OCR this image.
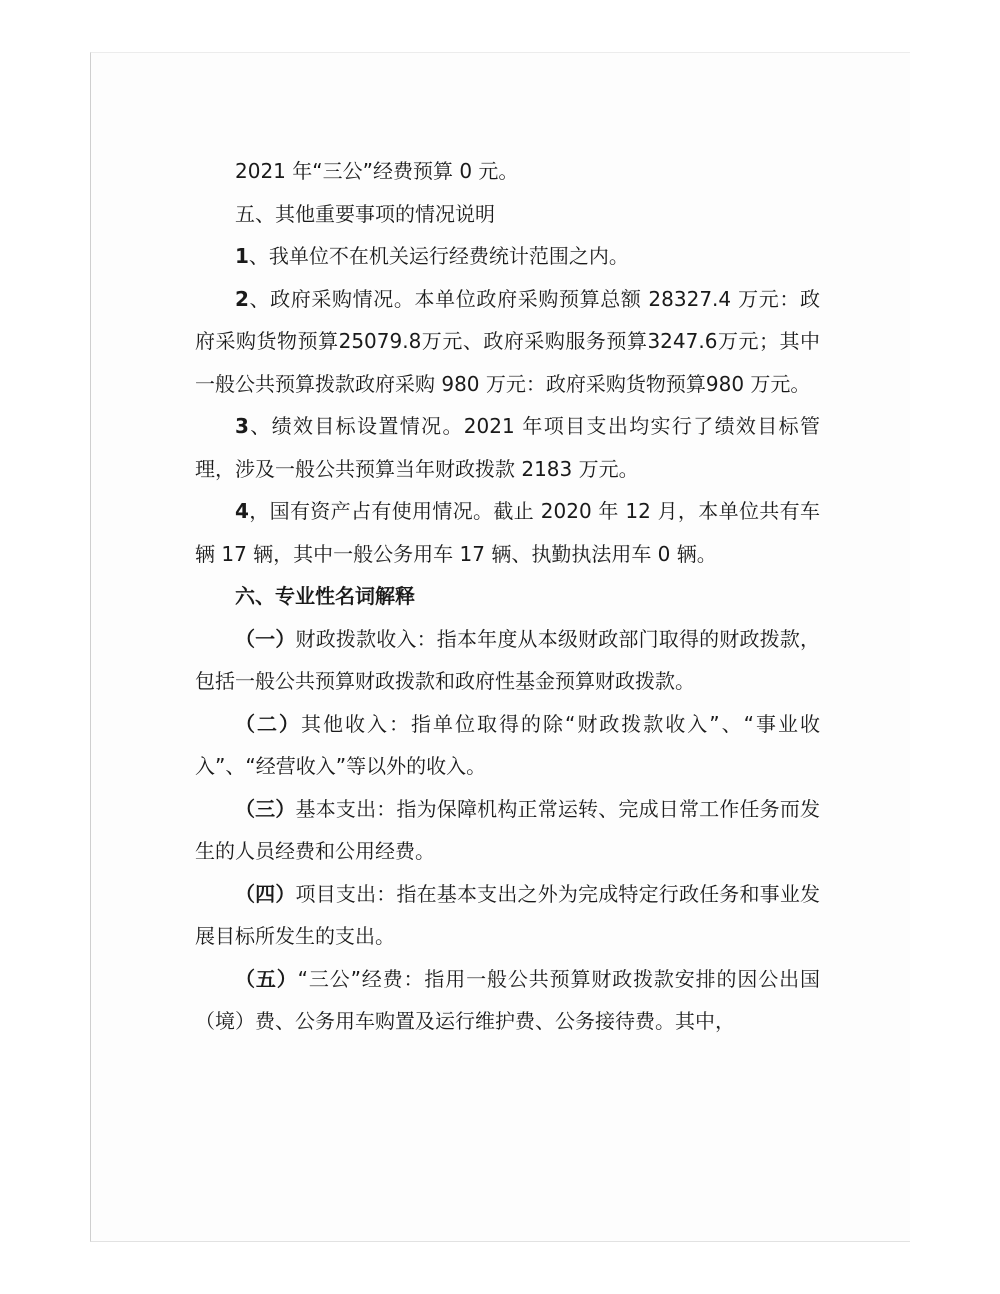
2021 年“三公”经费预算 0 元。

五、其他重要事项的情况说明

1、我单位不在机关运行经费统计范围之内。

2、政府采购情况。本单位政府采购预算总额 28327.4 万元：政府采购货物预算25079.8万元、政府采购服务预算3247.6万元；其中一般公共预算拨款政府采购 980 万元：政府采购货物预算980 万元。

3、绩效目标设置情况。2021 年项目支出均实行了绩效目标管理，涉及一般公共预算当年财政拨款 2183 万元。

4，国有资产占有使用情况。截止 2020 年 12 月，本单位共有车辆 17 辆，其中一般公务用车 17 辆、执勤执法用车 0 辆。

六、专业性名词解释

（一）财政拨款收入：指本年度从本级财政部门取得的财政拨款，包括一般公共预算财政拨款和政府性基金预算财政拨款。

（二）其他收入：指单位取得的除“财政拨款收入”、“事业收入”、“经营收入”等以外的收入。

（三）基本支出：指为保障机构正常运转、完成日常工作任务而发生的人员经费和公用经费。

（四）项目支出：指在基本支出之外为完成特定行政任务和事业发展目标所发生的支出。

（五）“三公”经费：指用一般公共预算财政拨款安排的因公出国（境）费、公务用车购置及运行维护费、公务接待费。其中，
